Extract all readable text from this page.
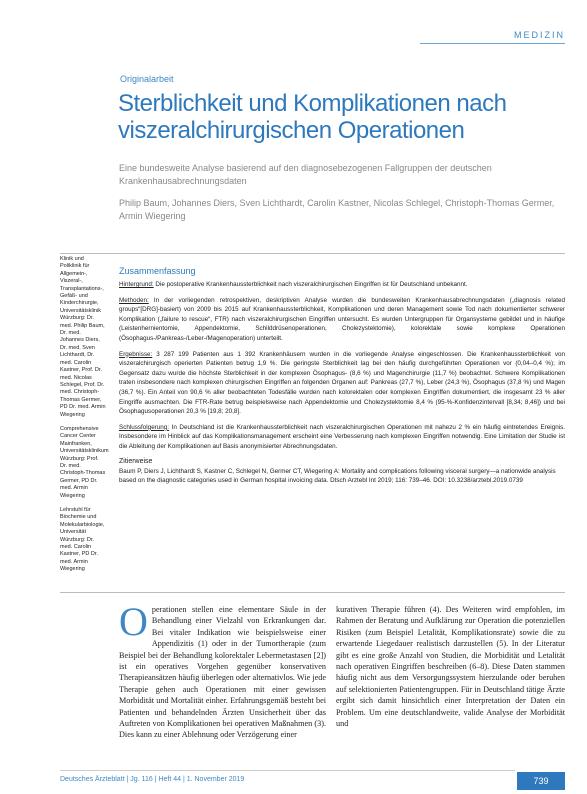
MEDIZIN
Originalarbeit
Sterblichkeit und Komplikationen nach viszeralchirurgischen Operationen
Eine bundesweite Analyse basierend auf den diagnosebezogenen Fallgruppen der deutschen Krankenhausabrechnungsdaten
Philip Baum, Johannes Diers, Sven Lichthardt, Carolin Kastner, Nicolas Schlegel, Christoph-Thomas Germer, Armin Wiegering
Klinik und Poliklinik für Allgemein-, Viszeral-, Transplantations-, Gefäß- und Kinderchirurgie, Universitätsklinik Würzburg: Dr. med. Philip Baum, Dr. med. Johannes Diers, Dr. med. Sven Lichthardt, Dr. med. Carolin Kastner, Prof. Dr. med. Nicolas Schlegel, Prof. Dr. med. Christoph-Thomas Germer, PD Dr. med. Armin Wiegering
Comprehensive Cancer Center Mainfranken, Universitätsklinikum Würzburg: Prof. Dr. med. Christoph-Thomas Germer, PD Dr. med. Armin Wiegering
Lehrstuhl für Biochemie und Molekularbiologie, Universität Würzburg: Dr. med. Carolin Kastner, PD Dr. med. Armin Wiegering
Zusammenfassung

Hintergrund: Die postoperative Krankenhaussterblichkeit nach viszeralchirurgischen Eingriffen ist für Deutschland unbekannt.

Methoden: In der vorliegenden retrospektiven, deskriptiven Analyse wurden die bundesweiten Krankenhausabrechnungsdaten („diagnosis related groups“[DRG]-basiert) von 2009 bis 2015 auf Krankenhaussterblichkeit, Komplikationen und deren Management sowie Tod nach dokumentierter schwerer Komplikation („failure to rescue“, FTR) nach viszeralchirurgischen Eingriffen untersucht. Es wurden Untergruppen für Organsysteme gebildet und in häufige (Leistenhernientomie, Appendektomie, Schilddrüsenoperationen, Cholezystektomie), kolorektale sowie komplexe Operationen (Ösophagus-/Pankreas-/Leber-/Magenoperation) unterteilt.

Ergebnisse: 3 287 199 Patienten aus 1 392 Krankenhäusern wurden in die vorliegende Analyse eingeschlossen. Die Krankenhaussterblichkeit von viszeralchirurgisch operierten Patienten betrug 1,9 %. Die geringste Sterblichkeit lag bei den häufig durchgeführten Operationen vor (0,04–0,4 %); im Gegensatz dazu wurde die höchste Sterblichkeit in der komplexen Ösophagus- (8,6 %) und Magenchirurgie (11,7 %) beobachtet. Schwere Komplikationen traten insbesondere nach komplexen chirurgischen Eingriffen an folgenden Organen auf: Pankreas (27,7 %), Leber (24,3 %), Ösophagus (37,8 %) und Magen (36,7 %). Ein Anteil von 90,6 % aller beobachteten Todesfälle wurden nach kolorektalen oder komplexen Eingriffen dokumentiert, die insgesamt 23 % aller Eingriffe ausmachten. Die FTR-Rate betrug beispielsweise nach Appendektomie und Cholezystektomie 8,4 % (95-%-Konfidenzintervall [8,34; 8,46]) und bei Ösophagusoperationen 20,3 % [19,8; 20,8].

Schlussfolgerung: In Deutschland ist die Krankenhaussterblichkeit nach viszeralchirurgischen Operationen mit nahezu 2 % ein häufig eintretendes Ereignis. Insbesondere im Hinblick auf das Komplikationsmanagement erscheint eine Verbesserung nach komplexen Eingriffen notwendig. Eine Limitation der Studie ist die Ableitung der Komplikationen auf Basis anonymisierter Abrechnungsdaten.

Zitierweise
Baum P, Diers J, Lichthardt S, Kastner C, Schlegel N, Germer CT, Wiegering A: Mortality and complications following visceral surgery—a nationwide analysis based on the diagnostic categories used in German hospital invoicing data. Dtsch Arztebl Int 2019; 116: 739–46. DOI: 10.3238/arztebl.2019.0739
Operationen stellen eine elementare Säule in der Behandlung einer Vielzahl von Erkrankungen dar. Bei vitaler Indikation wie beispielsweise einer Appendizitis (1) oder in der Tumortherapie (zum Beispiel bei der Behandlung kolorektaler Lebermetastasen [2]) ist ein operatives Vorgehen gegenüber konservativen Therapieansätzen häufig überlegen oder alternativlos. Wie jede Therapie gehen auch Operationen mit einer gewissen Morbidität und Mortalität einher. Erfahrungsgemäß besteht bei Patienten und behandelnden Ärzten Unsicherheit über das Auftreten von Komplikationen bei operativen Maßnahmen (3). Dies kann zu einer Ablehnung oder Verzögerung einer
kurativen Therapie führen (4). Des Weiteren wird empfohlen, im Rahmen der Beratung und Aufklärung zur Operation die potenziellen Risiken (zum Beispiel Letalität, Komplikationsrate) sowie die zu erwartende Liegedauer realistisch darzustellen (5). In der Literatur gibt es eine große Anzahl von Studien, die Morbidität und Letalität nach operativen Eingriffen beschreiben (6–8). Diese Daten stammen häufig nicht aus dem Versorgungssystem hierzulande oder beruhen auf selektionierten Patientengruppen. Für in Deutschland tätige Ärzte ergibt sich damit hinsichtlich einer Interpretation der Daten ein Problem. Um eine deutschlandweite, valide Analyse der Morbidität und
Deutsches Ärzteblatt | Jg. 116 | Heft 44 | 1. November 2019	739
